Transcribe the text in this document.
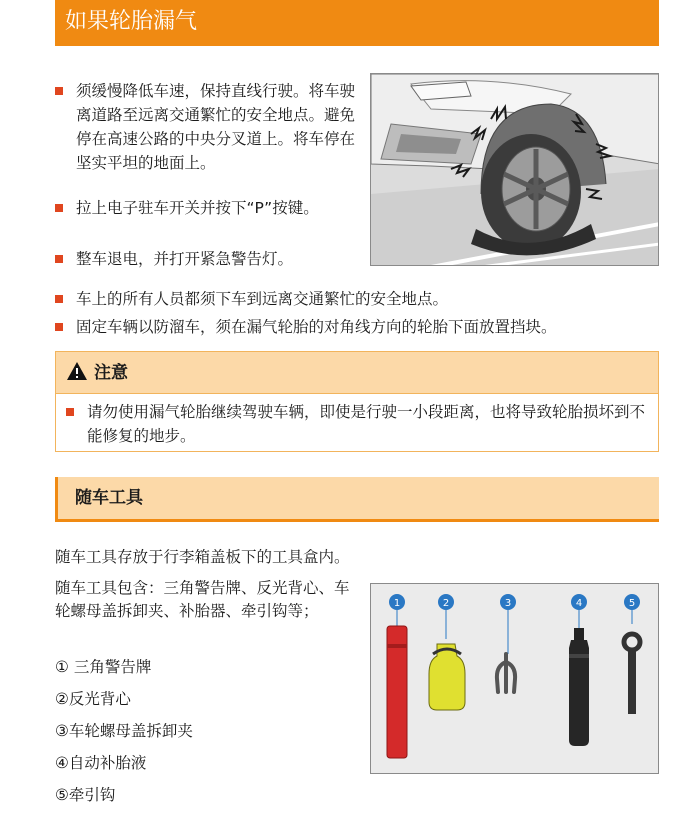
如果轮胎漏气
须缓慢降低车速，保持直线行驶。将车驶离道路至远离交通繁忙的安全地点。避免停在高速公路的中央分叉道上。将车停在坚实平坦的地面上。
拉上电子驻车开关并按下“P”按键。
整车退电，并打开紧急警告灯。
车上的所有人员都须下车到远离交通繁忙的安全地点。
固定车辆以防溜车，须在漏气轮胎的对角线方向的轮胎下面放置挡块。
注意
请勿使用漏气轮胎继续驾驶车辆，即使是行驶一小段距离，也将导致轮胎损坏到不能修复的地步。
随车工具
随车工具存放于行李箱盖板下的工具盒内。
随车工具包含：三角警告牌、反光背心、车轮螺母盖拆卸夹、补胎器、牵引钩等；
① 三角警告牌
②反光背心
③车轮螺母盖拆卸夹
④自动补胎液
⑤牵引钩
1	2	3	4	5
